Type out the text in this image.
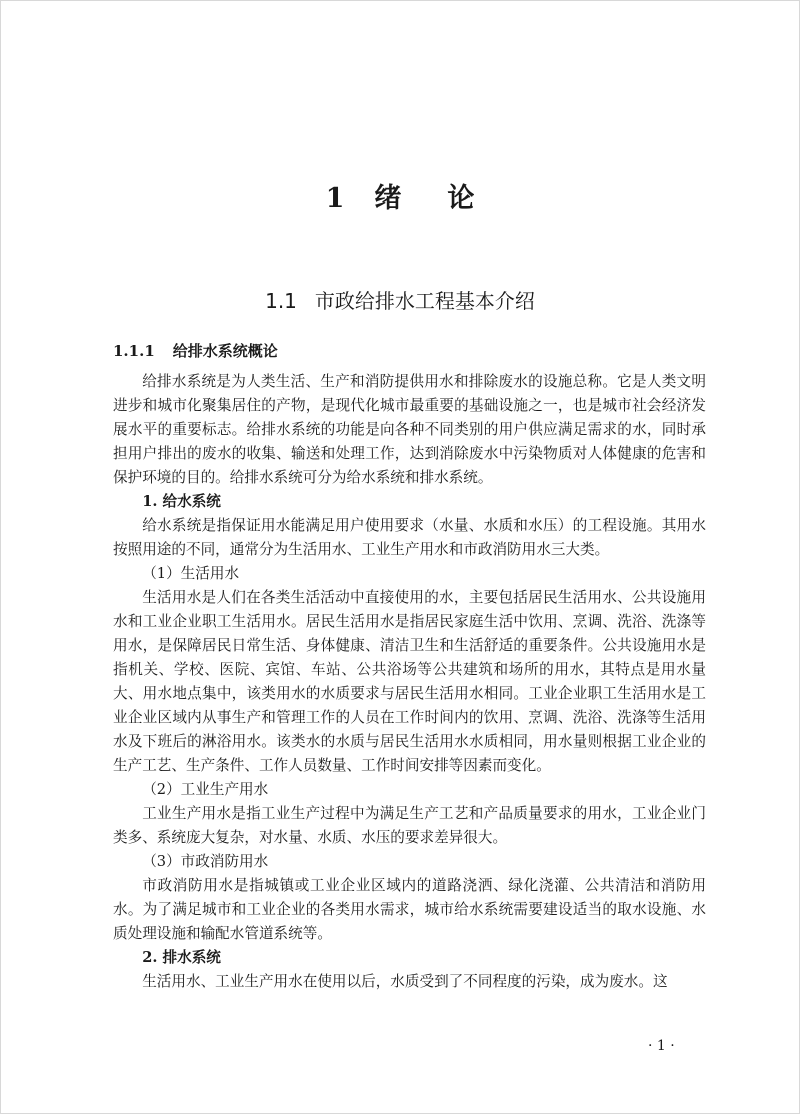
1 绪 论
1.1 市政给排水工程基本介绍
1.1.1 给排水系统概论

给排水系统是为人类生活、生产和消防提供用水和排除废水的设施总称。它是人类文明进步和城市化聚集居住的产物，是现代化城市最重要的基础设施之一，也是城市社会经济发展水平的重要标志。给排水系统的功能是向各种不同类别的用户供应满足需求的水，同时承担用户排出的废水的收集、输送和处理工作，达到消除废水中污染物质对人体健康的危害和保护环境的目的。给排水系统可分为给水系统和排水系统。

1. 给水系统

给水系统是指保证用水能满足用户使用要求（水量、水质和水压）的工程设施。其用水按照用途的不同，通常分为生活用水、工业生产用水和市政消防用水三大类。

（1）生活用水

生活用水是人们在各类生活活动中直接使用的水，主要包括居民生活用水、公共设施用水和工业企业职工生活用水。居民生活用水是指居民家庭生活中饮用、烹调、洗浴、洗涤等用水，是保障居民日常生活、身体健康、清洁卫生和生活舒适的重要条件。公共设施用水是指机关、学校、医院、宾馆、车站、公共浴场等公共建筑和场所的用水，其特点是用水量大、用水地点集中，该类用水的水质要求与居民生活用水相同。工业企业职工生活用水是工业企业区域内从事生产和管理工作的人员在工作时间内的饮用、烹调、洗浴、洗涤等生活用水及下班后的淋浴用水。该类水的水质与居民生活用水水质相同，用水量则根据工业企业的生产工艺、生产条件、工作人员数量、工作时间安排等因素而变化。

（2）工业生产用水

工业生产用水是指工业生产过程中为满足生产工艺和产品质量要求的用水，工业企业门类多、系统庞大复杂，对水量、水质、水压的要求差异很大。

（3）市政消防用水

市政消防用水是指城镇或工业企业区域内的道路浇洒、绿化浇灌、公共清洁和消防用水。为了满足城市和工业企业的各类用水需求，城市给水系统需要建设适当的取水设施、水质处理设施和输配水管道系统等。

2. 排水系统

生活用水、工业生产用水在使用以后，水质受到了不同程度的污染，成为废水。这

· 1 ·
